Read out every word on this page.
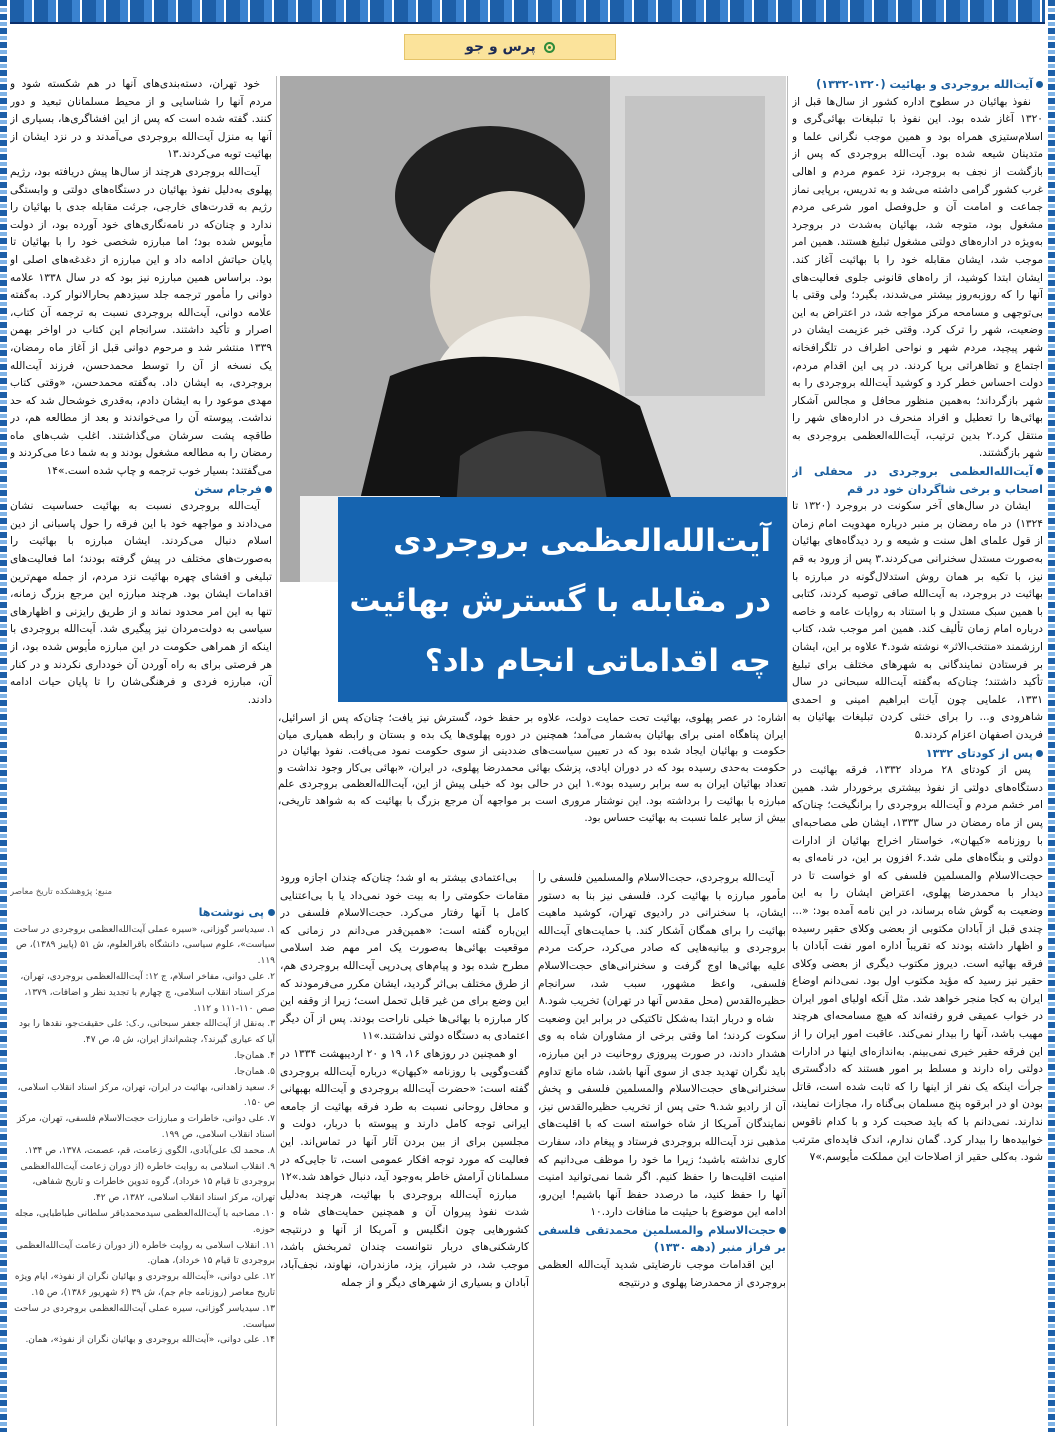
پرس و جو
آیت‌الله بروجردی و بهائیت (۱۳۲۰-۱۳۳۲)

نفوذ بهائیان در سطوح اداره کشور از سال‌ها قبل از ۱۳۲۰ آغاز شده بود. این نفوذ با تبلیغات بهائی‌گری و اسلام‌ستیزی همراه بود و همین موجب نگرانی علما و متدینان شیعه شده بود. آیت‌الله بروجردی که پس از بازگشت از نجف به بروجرد، نزد عموم مردم و اهالی غرب کشور گرامی داشته می‌شد و به تدریس، برپایی نماز جماعت و امامت آن و حل‌وفصل امور شرعی مردم مشغول بود، متوجه شد، بهائیان به‌شدت در بروجرد به‌ویژه در اداره‌های دولتی مشغول تبلیغ هستند. همین امر موجب شد، ایشان مقابله خود را با بهائیت آغاز کند. ایشان ابتدا کوشید، از راه‌های قانونی جلوی فعالیت‌های آنها را که روزبه‌روز بیشتر می‌شدند، بگیرد؛ ولی وقتی با بی‌توجهی و مسامحه مرکز مواجه شد، در اعتراض به این وضعیت، شهر را ترک کرد. وقتی خبر عزیمت ایشان در شهر پیچید، مردم شهر و نواحی اطراف در تلگرافخانه اجتماع و تظاهراتی برپا کردند. در پی این اقدام مردم، دولت احساس خطر کرد و کوشید آیت‌الله بروجردی را به شهر بازگرداند؛ به‌همین منظور محافل و مجالس آشکار بهائی‌ها را تعطیل و افراد منحرف در اداره‌های شهر را منتقل کرد.۲ بدین ترتیب، آیت‌الله‌العظمی بروجردی به شهر بازگشتند.

آیت‌الله‌العظمی بروجردی در محفلی از اصحاب و برخی شاگردان خود در قم

ایشان در سال‌های آخر سکونت در بروجرد (۱۳۲۰ تا ۱۳۲۴) در ماه رمضان بر منبر درباره مهدویت امام زمان از قول علمای اهل سنت و شیعه و رد دیدگاه‌های بهائیان به‌صورت مستدل سخنرانی می‌کردند.۳ پس از ورود به قم نیز، با تکیه بر همان روش استدلال‌گونه در مبارزه با بهائیت در بروجرد، به آیت‌الله صافی توصیه کردند، کتابی با همین سبک مستدل و با استناد به روایات عامه و خاصه درباره امام زمان تألیف کند. همین امر موجب شد، کتاب ارزشمند «منتخب‌الاثر» نوشته شود.۴ علاوه بر این، ایشان بر فرستادن نمایندگانی به شهرهای مختلف برای تبلیغ تأکید داشتند؛ چنان‌که به‌گفته آیت‌الله سبحانی در سال ۱۳۳۱، علمایی چون آیات ابراهیم امینی و احمدی شاهرودی و... را برای خنثی کردن تبلیغات بهائیان به فریدن اصفهان اعزام کردند.۵

پس از کودتای ۱۳۳۲

پس از کودتای ۲۸ مرداد ۱۳۳۲، فرقه بهائیت در دستگاه‌های دولتی از نفوذ بیشتری برخوردار شد. همین امر خشم مردم و آیت‌الله بروجردی را برانگیخت؛ چنان‌که پس از ماه رمضان در سال ۱۳۳۳، ایشان طی مصاحبه‌ای با روزنامه «کیهان»، خواستار اخراج بهائیان از ادارات دولتی و بنگاه‌های ملی شد.۶ افزون بر این، در نامه‌ای به حجت‌الاسلام والمسلمین فلسفی که او خواست تا در دیدار با محمدرضا پهلوی، اعتراض ایشان را به این وضعیت به گوش شاه برساند، در این نامه آمده بود: «... چندی قبل از آبادان مکتوبی از بعضی وکلای حقیر رسیده و اظهار داشته بودند که تقریباً اداره امور نفت آبادان با فرقه بهائیه است. دیروز مکتوب دیگری از بعضی وکلای حقیر نیز رسید که مؤید مکتوب اول بود. نمی‌دانم اوضاع ایران به کجا منجر خواهد شد. مثل آنکه اولیای امور ایران در خواب عمیقی فرو رفته‌اند که هیچ مسامحه‌ای هرچند مهیب باشد، آنها را بیدار نمی‌کند. عاقبت امور ایران را از این فرقه حقیر خیری نمی‌بینم. به‌اندازه‌ای اینها در ادارات دولتی راه دارند و مسلط بر امور هستند که دادگستری جرأت اینکه یک نفر از اینها را که ثابت شده است، قاتل بودن او در ابرقوه پنج مسلمان بی‌گناه را، مجازات نمایند، ندارند. نمی‌دانم با که باید صحبت کرد و با کدام ناقوس خوابیده‌ها را بیدار کرد. گمان ندارم، اندک فایده‌ای مترتب شود. به‌کلی حقیر از اصلاحات این مملکت مأیوسم.»۷

آیت‌الله‌العظمی بروجردی
در مقابله با گسترش بهائیت
چه اقداماتی انجام داد؟
اشاره: در عصر پهلوی، بهائیت تحت حمایت دولت، علاوه بر حفظ خود، گسترش نیز یافت؛ چنان‌که پس از اسرائیل، ایران پناهگاه امنی برای بهائیان به‌شمار می‌آمد؛ همچنین در دوره پهلوی‌ها یک بده و بستان و رابطه همیاری میان حکومت و بهائیان ایجاد شده بود که در تعیین سیاست‌های ضددینی از سوی حکومت نمود می‌یافت. نفوذ بهائیان در حکومت به‌حدی رسیده بود که در دوران ایادی، پزشک بهائی محمدرضا پهلوی، در ایران، «بهائی بی‌کار وجود نداشت و تعداد بهائیان ایران به سه برابر رسیده بود».۱ این در حالی بود که خیلی پیش از این، آیت‌الله‌العظمی بروجردی علم مبارزه با بهائیت را برداشته بود. این نوشتار مروری است بر مواجهه آن مرجع بزرگ با بهائیت که به شواهد تاریخی، بیش از سایر علما نسبت به بهائیت حساس بود.

آیت‌الله بروجردی، حجت‌الاسلام والمسلمین فلسفی را مأمور مبارزه با بهائیت کرد. فلسفی نیز بنا به دستور ایشان، با سخنرانی در رادیوی تهران، کوشید ماهیت بهائیت را برای همگان آشکار کند. با حمایت‌های آیت‌الله بروجردی و بیانیه‌هایی که صادر می‌کرد، حرکت مردم علیه بهائی‌ها اوج گرفت و سخنرانی‌های حجت‌الاسلام فلسفی، واعظ مشهور، سبب شد، سرانجام حظیره‌القدس (محل مقدس آنها در تهران) تخریب شود.۸

شاه و دربار ابتدا به‌شکل تاکتیکی در برابر این وضعیت سکوت کردند؛ اما وقتی برخی از مشاوران شاه به وی هشدار دادند، در صورت پیروزی روحانیت در این مبارزه، باید نگران تهدید جدی از سوی آنها باشد، شاه مانع تداوم سخنرانی‌های حجت‌الاسلام والمسلمین فلسفی و پخش آن از رادیو شد.۹ حتی پس از تخریب حظیره‌القدس نیز، نمایندگان آمریکا از شاه خواسته است که با اقلیت‌های مذهبی نزد آیت‌الله بروجردی فرستاد و پیغام داد، سفارت کاری نداشته باشید؛ زیرا ما خود را موظف می‌دانیم که امنیت اقلیت‌ها را حفظ کنیم. اگر شما نمی‌توانید امنیت آنها را حفظ کنید، ما درصدد حفظ آنها باشیم! این‌رو، ادامه این موضوع با حیثیت ما منافات دارد.۱۰

حجت‌الاسلام والمسلمین محمدتقی فلسفی بر فراز منبر (دهه ۱۳۳۰)

این اقدامات موجب نارضایتی شدید آیت‌الله العظمی بروجردی از محمدرضا پهلوی و درنتیجه

بی‌اعتمادی بیشتر به او شد؛ چنان‌که چندان اجازه ورود مقامات حکومتی را به بیت خود نمی‌داد یا با بی‌اعتنایی کامل با آنها رفتار می‌کرد. حجت‌الاسلام فلسفی در این‌باره گفته است: «همین‌قدر می‌دانم در زمانی که موقعیت بهائی‌ها به‌صورت یک امر مهم ضد اسلامی مطرح شده بود و پیام‌های پی‌درپی آیت‌الله بروجردی هم، از طرق مختلف بی‌اثر گردید، ایشان مکرر می‌فرمودند که این وضع برای من غیر قابل تحمل است؛ زیرا از وقفه این کار مبارزه با بهائی‌ها خیلی ناراحت بودند. پس از آن دیگر اعتمادی به دستگاه دولتی نداشتند.»۱۱

او همچنین در روزهای ۱۶، ۱۹ و ۲۰ اردیبهشت ۱۳۳۴ در گفت‌وگویی با روزنامه «کیهان» درباره آیت‌الله بروجردی گفته است: «حضرت آیت‌الله بروجردی و آیت‌الله بهبهانی و محافل روحانی نسبت به طرد فرقه بهائیت از جامعه ایرانی توجه کامل دارند و پیوسته با دربار، دولت و مجلسین برای از بین بردن آثار آنها در تماس‌اند. این فعالیت که مورد توجه افکار عمومی است، تا جایی‌که در مسلمانان آرامش خاطر به‌وجود آید، دنبال خواهد شد.»۱۲

مبارزه آیت‌الله بروجردی با بهائیت، هرچند به‌دلیل شدت نفوذ پیروان آن و همچنین حمایت‌های شاه و کشورهایی چون انگلیس و آمریکا از آنها و درنتیجه کارشکنی‌های دربار نتوانست چندان ثمربخش باشد، موجب شد، در شیراز، یزد، مازندران، نهاوند، نجف‌آباد، آبادان و بسیاری از شهرهای دیگر و از جمله

خود تهران، دسته‌بندی‌های آنها در هم شکسته شود و مردم آنها را شناسایی و از محیط مسلمانان تبعید و دور کنند. گفته شده است که پس از این افشاگری‌ها، بسیاری از آنها به منزل آیت‌الله بروجردی می‌آمدند و در نزد ایشان از بهائیت توبه می‌کردند.۱۳

آیت‌الله بروجردی هرچند از سال‌ها پیش دریافته بود، رژیم پهلوی به‌دلیل نفوذ بهائیان در دستگاه‌های دولتی و وابستگی رژیم به قدرت‌های خارجی، جرئت مقابله جدی با بهائیان را ندارد و چنان‌که در نامه‌نگاری‌های خود آورده بود، از دولت مأیوس شده بود؛ اما مبارزه شخصی خود را با بهائیان تا پایان حیاتش ادامه داد و این مبارزه از دغدغه‌های اصلی او بود. براساس همین مبارزه نیز بود که در سال ۱۳۳۸ علامه دوانی را مأمور ترجمه جلد سیزدهم بحارالانوار کرد. به‌گفته علامه دوانی، آیت‌الله بروجردی نسبت به ترجمه آن کتاب، اصرار و تأکید داشتند. سرانجام این کتاب در اواخر بهمن ۱۳۳۹ منتشر شد و مرحوم دوانی قبل از آغاز ماه رمضان، یک نسخه از آن را توسط محمدحسن، فرزند آیت‌الله بروجردی، به ایشان داد. به‌گفته محمدحسن، «وقتی کتاب مهدی موعود را به ایشان دادم، به‌قدری خوشحال شد که حد نداشت. پیوسته آن را می‌خواندند و بعد از مطالعه هم، در طاقچه پشت سرشان می‌گذاشتند. اغلب شب‌های ماه رمضان را به مطالعه مشغول بودند و به شما دعا می‌کردند و می‌گفتند: بسیار خوب ترجمه و چاپ شده است.»۱۴

فرجام سخن

آیت‌الله بروجردی نسبت به بهائیت حساسیت نشان می‌دادند و مواجهه خود با این فرقه را حول پاسبانی از دین اسلام دنبال می‌کردند. ایشان مبارزه با بهائیت را به‌صورت‌های مختلف در پیش گرفته بودند؛ اما فعالیت‌های تبلیغی و افشای چهره بهائیت نزد مردم، از جمله مهم‌ترین اقدامات ایشان بود. هرچند مبارزه این مرجع بزرگ زمانه، تنها به این امر محدود نماند و از طریق رایزنی و اظهارهای سیاسی به دولت‌مردان نیز پیگیری شد. آیت‌الله بروجردی با اینکه از همراهی حکومت در این مبارزه مأیوس شده بود، از هر فرصتی برای به راه آوردن آن خودداری نکردند و در کنار آن، مبارزه فردی و فرهنگی‌شان را تا پایان حیات ادامه دادند.

منبع: پژوهشکده تاریخ معاصر
پی نوشت‌ها
۱. سیدیاسر گوزانی، «سیره عملی آیت‌الله‌العظمی بروجردی در ساحت سیاست»، علوم سیاسی، دانشگاه باقرالعلوم، ش ۵۱ (پاییز ۱۳۸۹)، ص ۱۱۹.
۲. علی دوانی، مفاخر اسلام، ج ۱۲: آیت‌الله‌العظمی بروجردی، تهران، مرکز اسناد انقلاب اسلامی، چ چهارم با تجدید نظر و اضافات، ۱۳۷۹، صص ۱۱۰-۱۱۱ و ۱۱۲.
۳. به‌نقل از آیت‌الله جعفر سبحانی، ر.ک: علی حقیقت‌جو، نقدها را بود آیا که عیاری گیرند؟، چشم‌انداز ایران، ش ۵، ص ۴۷.
۴. همان‌جا.
۵. همان‌جا.
۶. سعید زاهدانی، بهائیت در ایران، تهران، مرکز اسناد انقلاب اسلامی، ص ۱۵۰.
۷. علی دوانی، خاطرات و مبارزات حجت‌الاسلام فلسفی، تهران، مرکز اسناد انقلاب اسلامی، ص ۱۹۹.
۸. محمد لک علی‌آبادی، الگوی زعامت، قم، عصمت، ۱۳۷۸، ص ۱۳۴.
۹. انقلاب اسلامی به روایت خاطره (از دوران زعامت آیت‌الله‌العظمی بروجردی تا قیام ۱۵ خرداد)، گروه تدوین خاطرات و تاریخ شفاهی، تهران، مرکز اسناد انقلاب اسلامی، ۱۳۸۲، ص ۴۲.
۱۰. مصاحبه با آیت‌الله‌العظمی سیدمحمدباقر سلطانی طباطبایی، مجله حوزه.
۱۱. انقلاب اسلامی به روایت خاطره (از دوران زعامت آیت‌الله‌العظمی بروجردی تا قیام ۱۵ خرداد)، همان.
۱۲. علی دوانی، «آیت‌الله بروجردی و بهائیان نگران از نفوذ»، ایام ویژه تاریخ معاصر (روزنامه جام جم)، ش ۳۹ (۶ شهریور ۱۳۸۶)، ص ۱۵.
۱۳. سیدیاسر گوزانی، سیره عملی آیت‌الله‌العظمی بروجردی در ساحت سیاست.
۱۴. علی دوانی، «آیت‌الله بروجردی و بهائیان نگران از نفوذ»، همان.
